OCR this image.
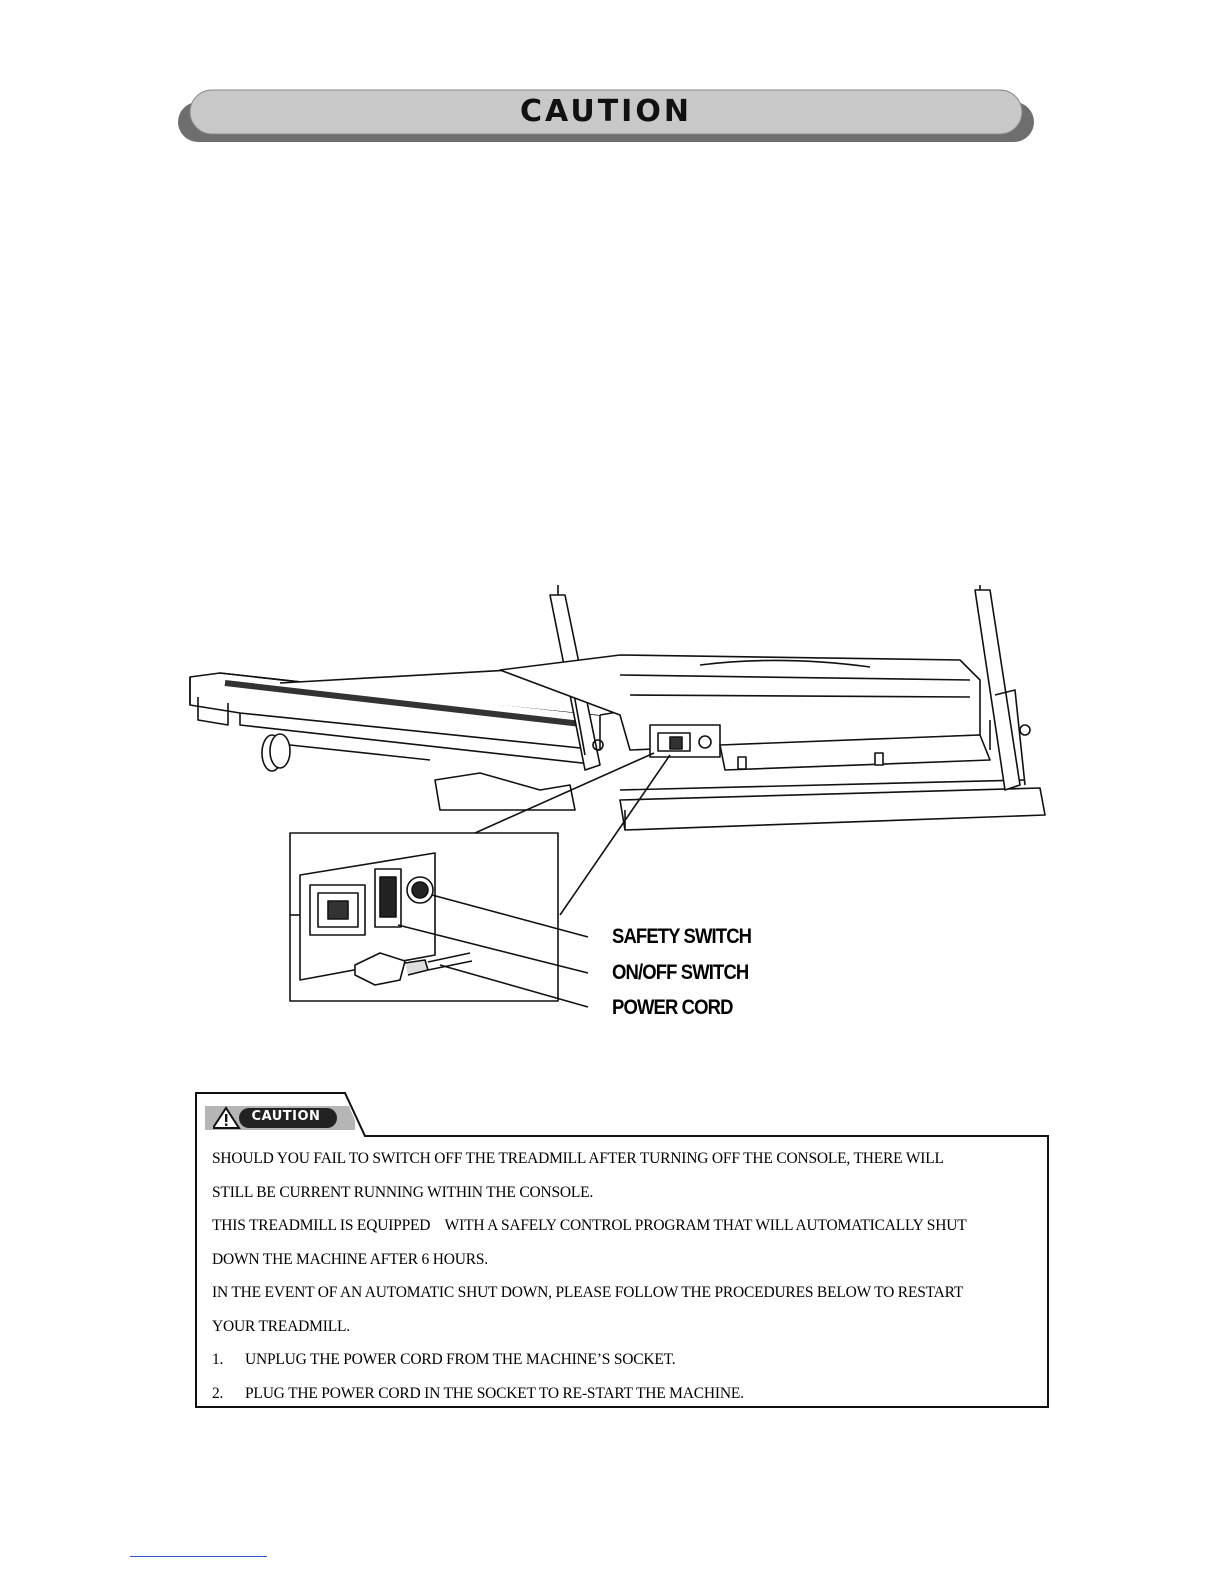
CAUTION
SAFETY SWITCH
ON/OFF SWITCH
POWER CORD
CAUTION
SHOULD YOU FAIL TO SWITCH OFF THE TREADMILL AFTER TURNING OFF THE CONSOLE, THERE WILL
STILL BE CURRENT RUNNING WITHIN THE CONSOLE.
THIS TREADMILL IS EQUIPPED    WITH A SAFELY CONTROL PROGRAM THAT WILL AUTOMATICALLY SHUT
DOWN THE MACHINE AFTER 6 HOURS.
IN THE EVENT OF AN AUTOMATIC SHUT DOWN, PLEASE FOLLOW THE PROCEDURES BELOW TO RESTART
YOUR TREADMILL.
1. UNPLUG THE POWER CORD FROM THE MACHINE’S SOCKET.
2. PLUG THE POWER CORD IN THE SOCKET TO RE-START THE MACHINE.
